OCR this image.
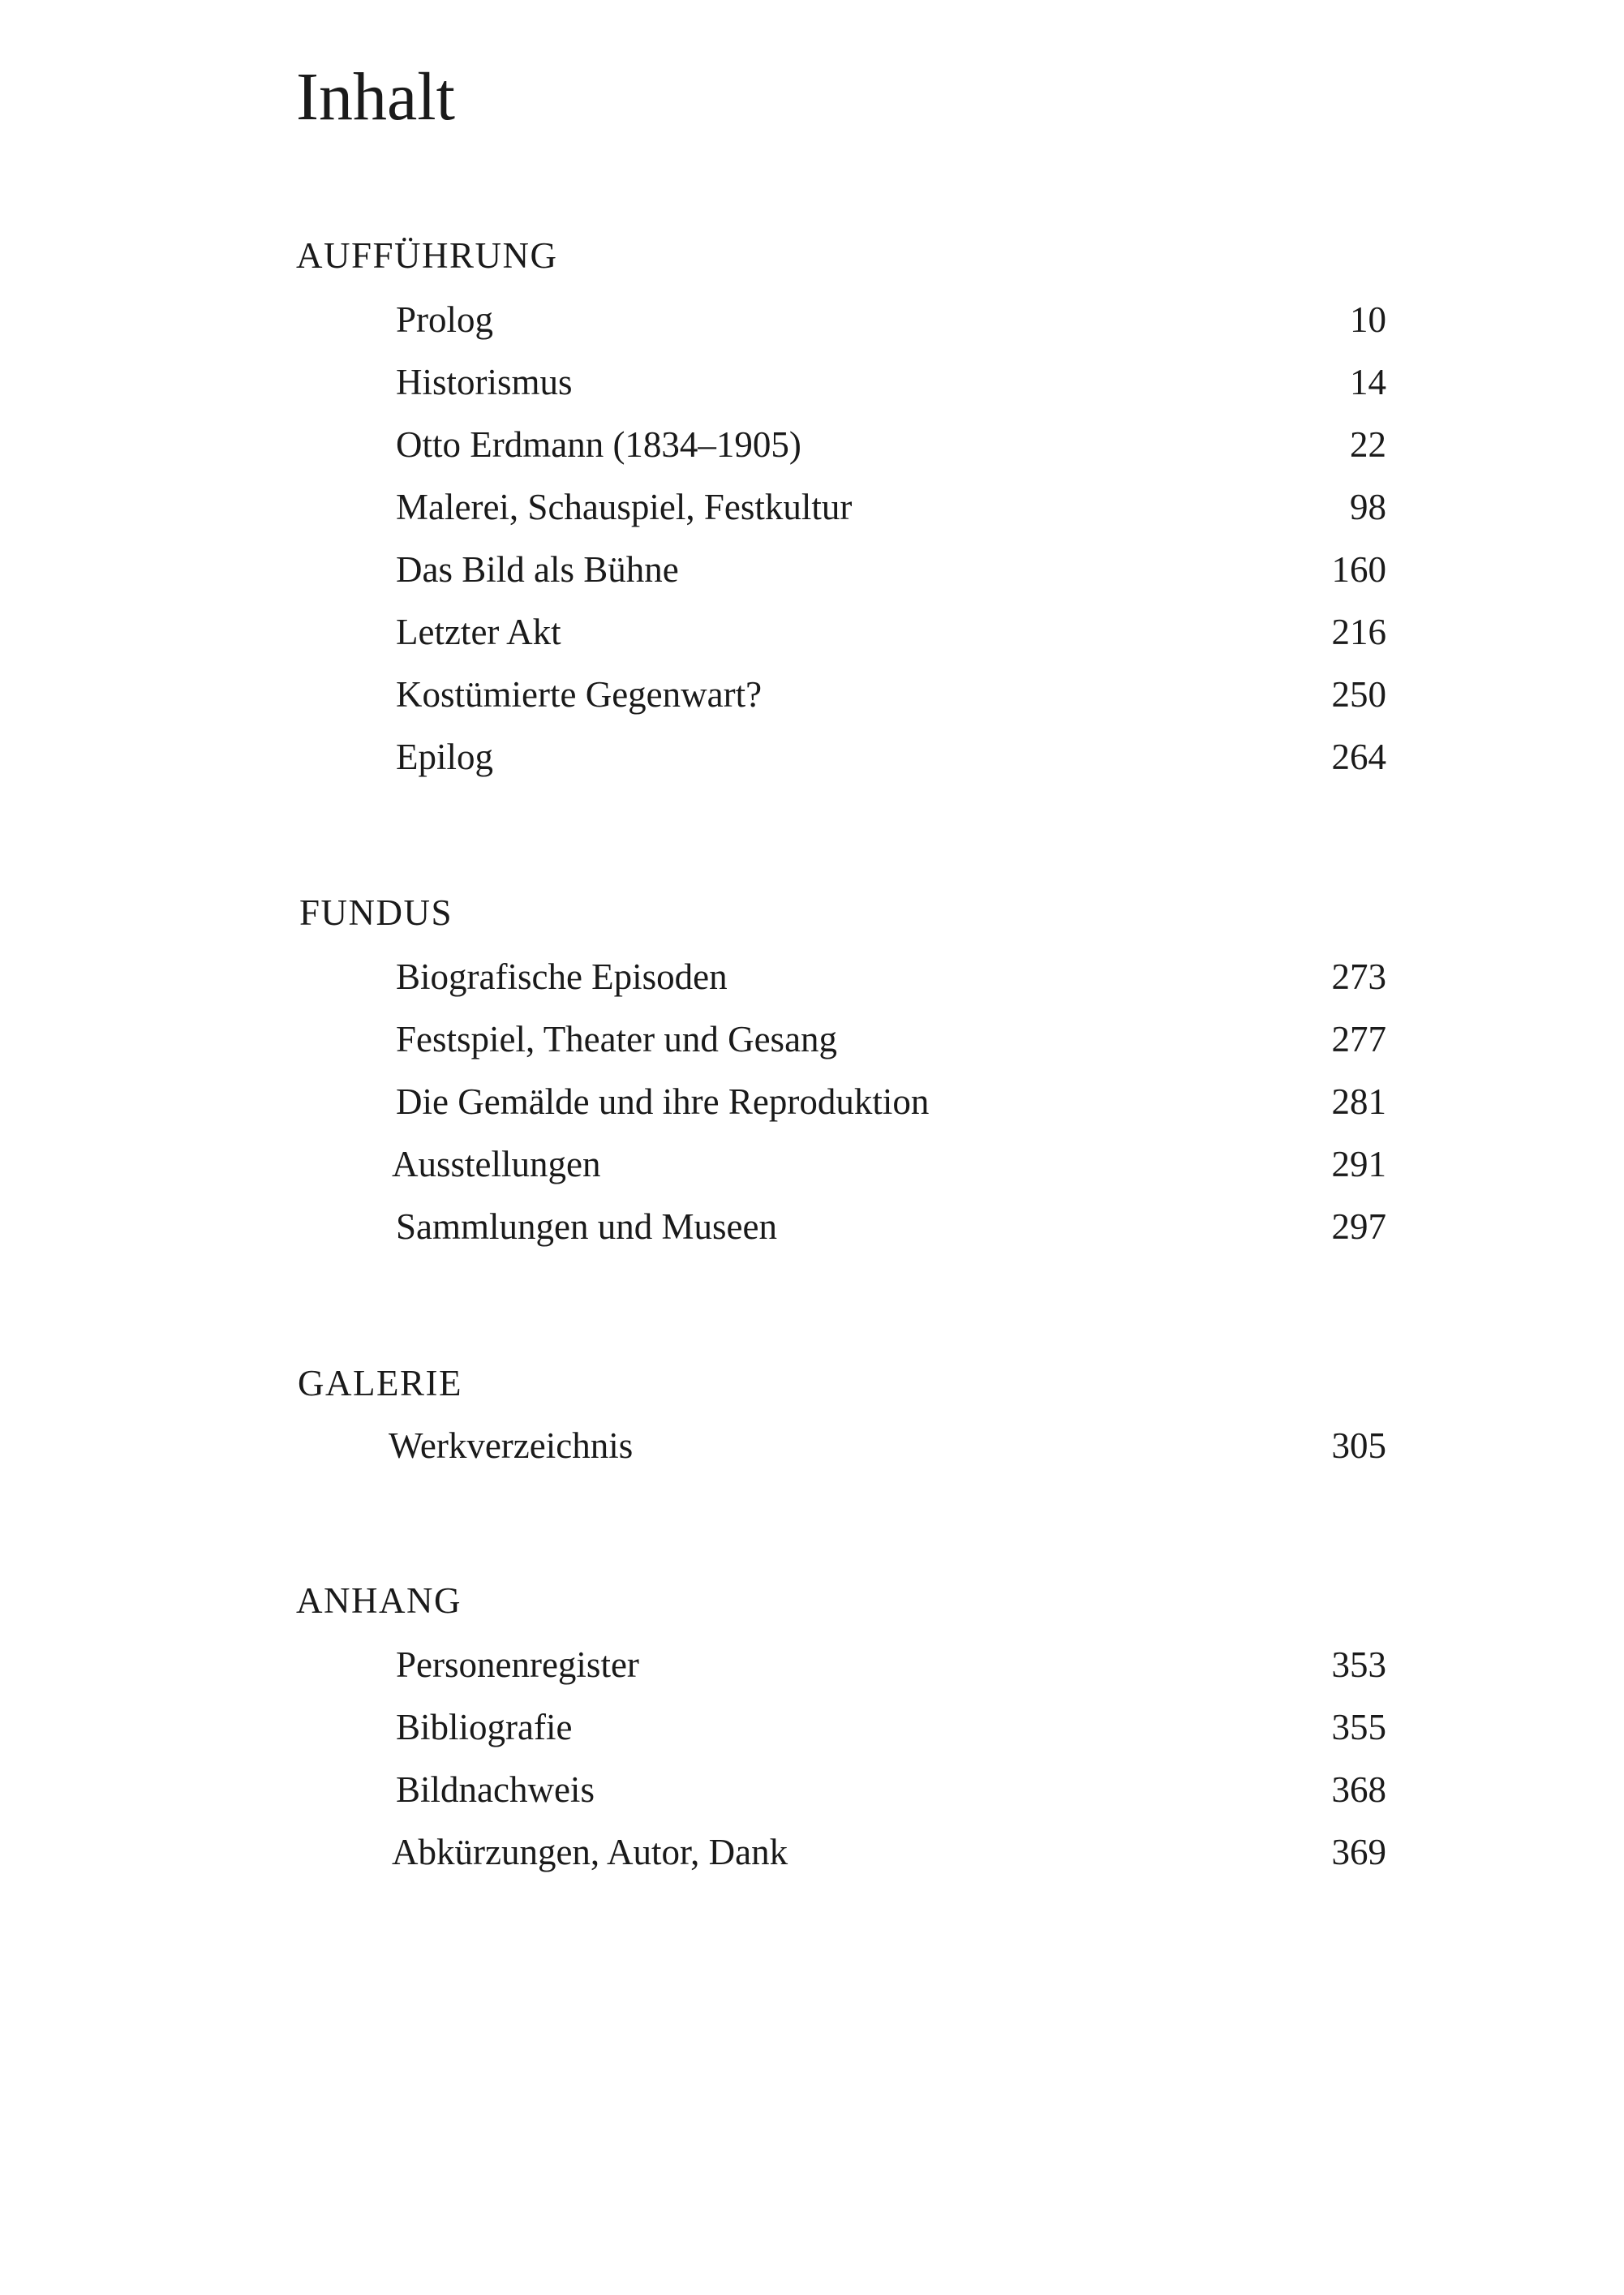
Inhalt
AUFFÜHRUNG
Prolog	10
Historismus	14
Otto Erdmann (1834–1905)	22
Malerei, Schauspiel, Festkultur	98
Das Bild als Bühne	160
Letzter Akt	216
Kostümierte Gegenwart?	250
Epilog	264
FUNDUS
Biografische Episoden	273
Festspiel, Theater und Gesang	277
Die Gemälde und ihre Reproduktion	281
Ausstellungen	291
Sammlungen und Museen	297
GALERIE
Werkverzeichnis	305
ANHANG
Personenregister	353
Bibliografie	355
Bildnachweis	368
Abkürzungen, Autor, Dank	369
